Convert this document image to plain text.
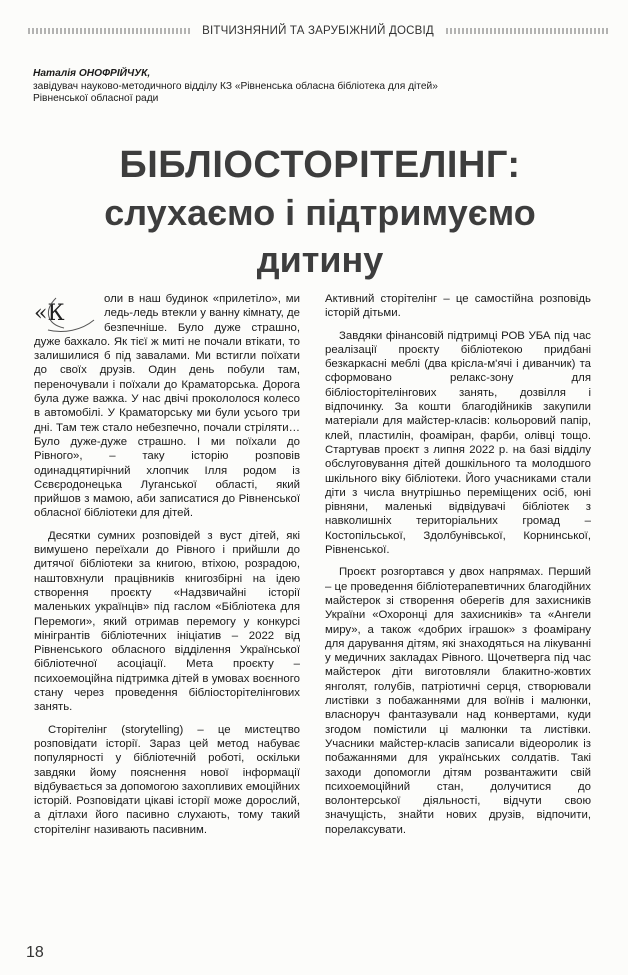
ВІТЧИЗНЯНИЙ ТА ЗАРУБІЖНИЙ ДОСВІД
Наталія ОНОФРІЙЧУК,
завідувач науково-методичного відділу КЗ «Рівненська обласна бібліотека для дітей»
Рівненської обласної ради
БІБЛІОСТОРІТЕЛІНГ:
слухаємо і підтримуємо
дитину

«К
оли в наш будинок «прилетіло», ми ледь-ледь втекли у ванну кімнату, де безпечніше. Було дуже страшно, дуже бахкало. Як тієї ж миті не почали втікати, то залишилися б під завалами. Ми встигли поїхати до своїх друзів. Один день побули там, переночували і поїхали до Краматорська. Дорога була дуже важка. У нас двічі прокололося колесо в автомобілі. У Краматорську ми були усього три дні. Там теж стало небезпечно, почали стріляти… Було дуже-дуже страшно. І ми поїхали до Рівного», – таку історію розповів одинадцятирічний хлопчик Ілля родом із Сєвєродонецька Луганської області, який прийшов з мамою, аби записатися до Рівненської обласної бібліотеки для дітей.

Десятки сумних розповідей з вуст дітей, які вимушено переїхали до Рівного і прийшли до дитячої бібліотеки за книгою, втіхою, розрадою, наштовхнули працівників книгозбірні на ідею створення проєкту «Надзвичайні історії маленьких українців» під гаслом «Бібліотека для Перемоги», який отримав перемогу у конкурсі мінігрантів бібліотечних ініціатив – 2022 від Рівненського обласного відділення Української бібліотечної асоціації. Мета проєкту – психоемоційна підтримка дітей в умовах воєнного стану через проведення бібліосторітелінгових занять.

Сторітелінг (storytelling) – це мистецтво розповідати історії. Зараз цей метод набуває популярності у бібліотечній роботі, оскільки завдяки йому пояснення нової інформації відбувається за допомогою захопливих емоційних історій. Розповідати цікаві історії може дорослий, а дітлахи його пасивно слухають, тому такий сторітелінг називають пасивним.

Активний сторітелінг – це самостійна розповідь історій дітьми.

Завдяки фінансовій підтримці РОВ УБА під час реалізації проєкту бібліотекою придбані безкаркасні меблі (два крісла-м'ячі і диванчик) та сформовано релакс-зону для бібліосторітелінгових занять, дозвілля і відпочинку. За кошти благодійників закупили матеріали для майстер-класів: кольоровий папір, клей, пластилін, фоаміран, фарби, олівці тощо. Стартував проєкт з липня 2022 р. на базі відділу обслуговування дітей дошкільного та молодшого шкільного віку бібліотеки. Його учасниками стали діти з числа внутрішньо переміщених осіб, юні рівняни, маленькі відвідувачі бібліотек з навколишніх територіальних громад – Костопільської, Здолбунівської, Корнинської, Рівненської.

Проєкт розгортався у двох напрямах. Перший – це проведення бібліотерапевтичних благодійних майстерок зі створення оберегів для захисників України «Охоронці для захисників» та «Ангели миру», а також «добрих іграшок» з фоамірану для дарування дітям, які знаходяться на лікуванні у медичних закладах Рівного. Щочетверга під час майстерок діти виготовляли блакитно-жовтих янголят, голубів, патріотичні серця, створювали листівки з побажаннями для воїнів і малюнки, власноруч фантазували над конвертами, куди згодом помістили ці малюнки та листівки. Учасники майстер-класів записали відеоролик із побажаннями для українських солдатів. Такі заходи допомогли дітям розвантажити свій психоемоційний стан, долучитися до волонтерської діяльності, відчути свою значущість, знайти нових друзів, відпочити, порелаксувати.

18
